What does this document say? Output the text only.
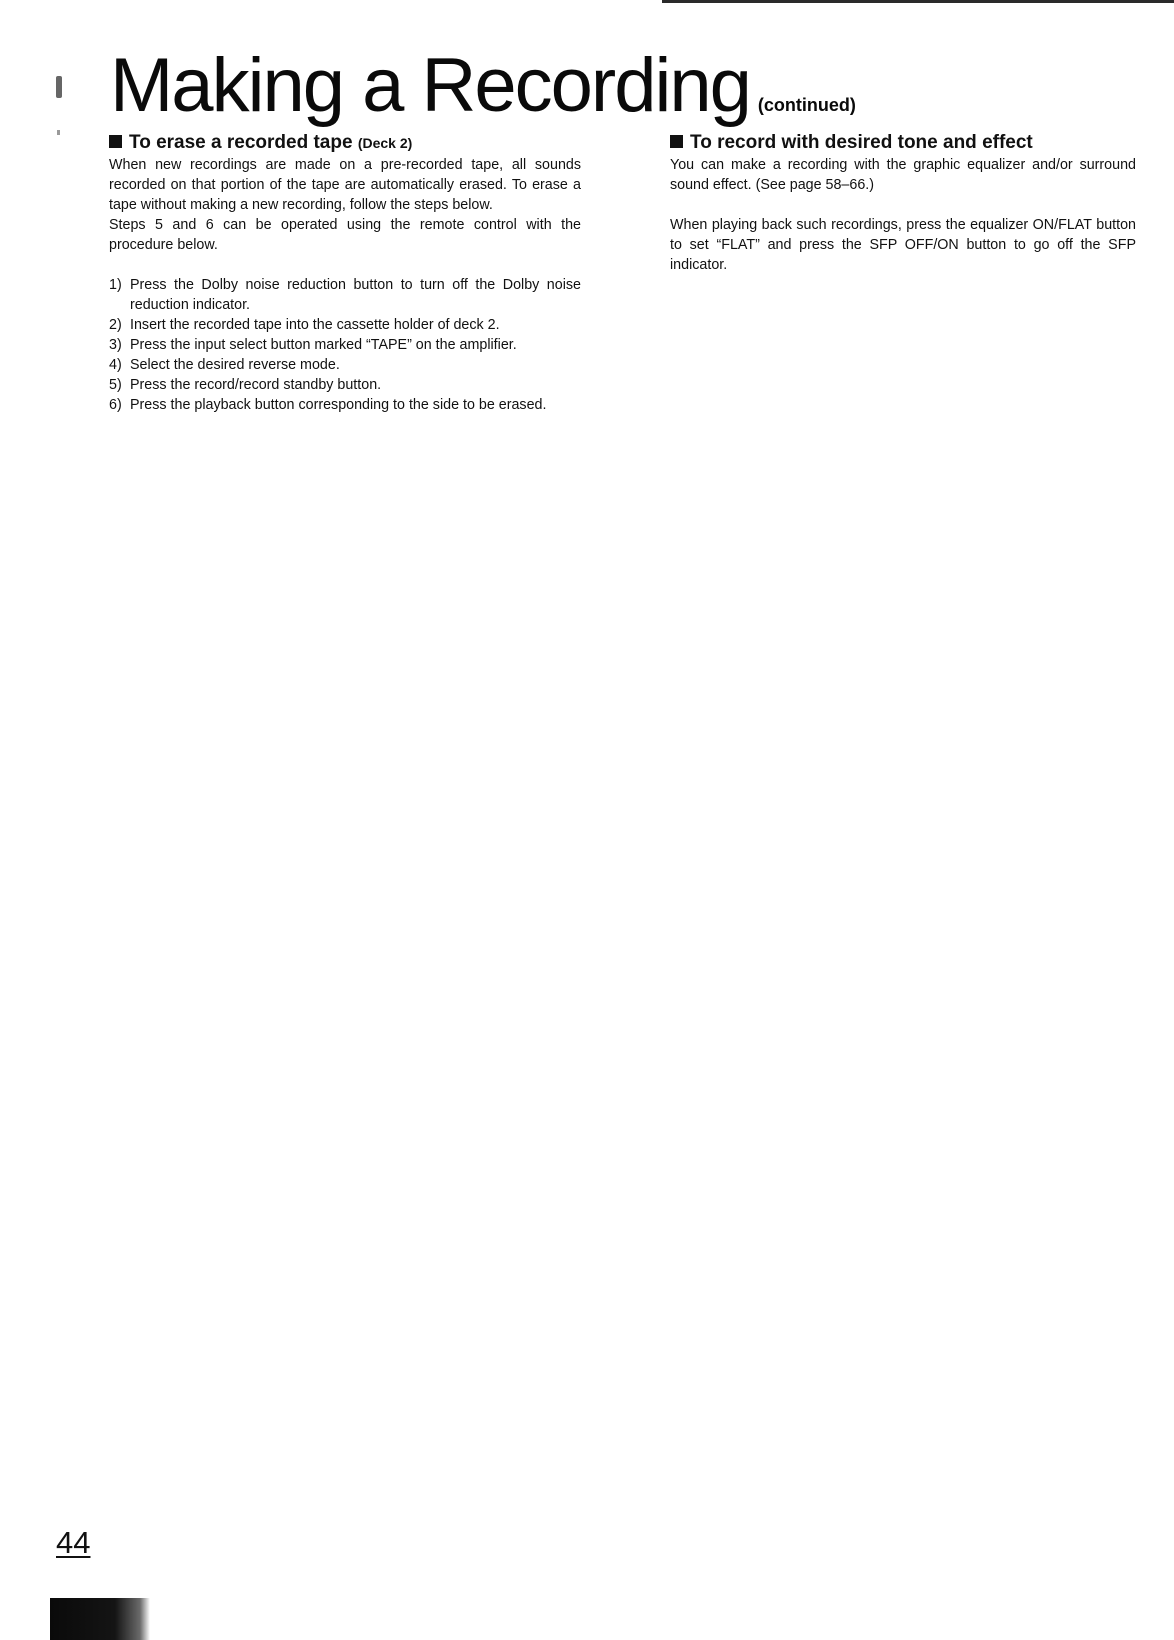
Making a Recording (continued)
To erase a recorded tape (Deck 2)

When new recordings are made on a pre-recorded tape, all sounds recorded on that portion of the tape are automatically erased. To erase a tape without making a new recording, follow the steps below.

Steps 5 and 6 can be operated using the remote control with the procedure below.

1) Press the Dolby noise reduction button to turn off the Dolby noise reduction indicator.
2) Insert the recorded tape into the cassette holder of deck 2.
3) Press the input select button marked “TAPE” on the amplifier.
4) Select the desired reverse mode.
5) Press the record/record standby button.
6) Press the playback button corresponding to the side to be erased.
To record with desired tone and effect

You can make a recording with the graphic equalizer and/or surround sound effect. (See page 58–66.)

When playing back such recordings, press the equalizer ON/FLAT button to set “FLAT” and press the SFP OFF/ON button to go off the SFP indicator.

44
